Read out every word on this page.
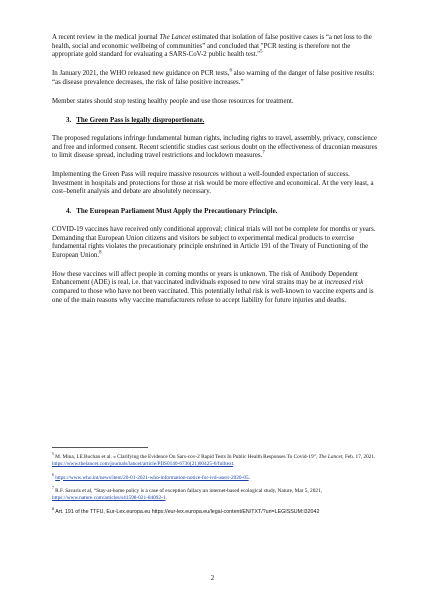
A recent review in the medical journal The Lancet estimated that isolation of false positive cases is “a net loss to the health, social and economic wellbeing of communities” and concluded that "PCR testing is therefore not the appropriate gold standard for evaluating a SARS-CoV-2 public health test."$^5$

In January 2021, the WHO released new guidance on PCR tests,$^6$ also warning of the danger of false positive results: “as disease prevalence decreases, the risk of false positive increases.”

Member states should stop testing healthy people and use those resources for treatment.

3. The Green Pass is legally disproportionate.

The proposed regulations infringe fundamental human rights, including rights to travel, assembly, privacy, conscience and free and informed consent. Recent scientific studies cast serious doubt on the effectiveness of draconian measures to limit disease spread, including travel restrictions and lockdown measures.$^7$

Implementing the Green Pass will require massive resources without a well-founded expectation of success. Investment in hospitals and protections for those at risk would be more effective and economical. At the very least, a cost–benefit analysis and debate are absolutely necessary.

4. The European Parliament Must Apply the Precautionary Principle.

COVID-19 vaccines have received only conditional approval; clinical trials will not be complete for months or years. Demanding that European Union citizens and visitors be subject to experimental medical products to exercise fundamental rights violates the precautionary principle enshrined in Article 191 of the Treaty of Functioning of the European Union.$^8$

How these vaccines will affect people in coming months or years is unknown. The risk of Antibody Dependent Enhancement (ADE) is real, i.e. that vaccinated individuals exposed to new viral strains may be at increased risk compared to those who have not been vaccinated. This potentially lethal risk is well-known to vaccine experts and is one of the main reasons why vaccine manufacturers refuse to accept liability for future injuries and deaths.

$^5$ M. Mina, I.E.Buchan et al. « Clarifying the Evidence On Sars-cov-2 Rapid Tests In Public Health Responses To Covid-19”, The Lancet, Feb. 17, 2021. https://www.thelancet.com/journals/lancet/article/PIIS0140-6736(21)00425-6/fulltext.

$^6$ https://www.who.int/news/item/20-01-2021-who-information-notice-for-ivd-users-2020-05.

$^7$ R.F. Savaris et al, “Stay-at-home policy is a case of exception fallacy:an internet-based ecological study, Nature, Mar 5, 2021, https://www.nature.com/articles/s41598-021-84092-1.

$^8$ Art. 191 of the TTFU, Eur-Lex.europa.eu https://eur-lex.europa.eu/legal-content/EN/TXT/?uri=LEGISSUM:l32042

2
